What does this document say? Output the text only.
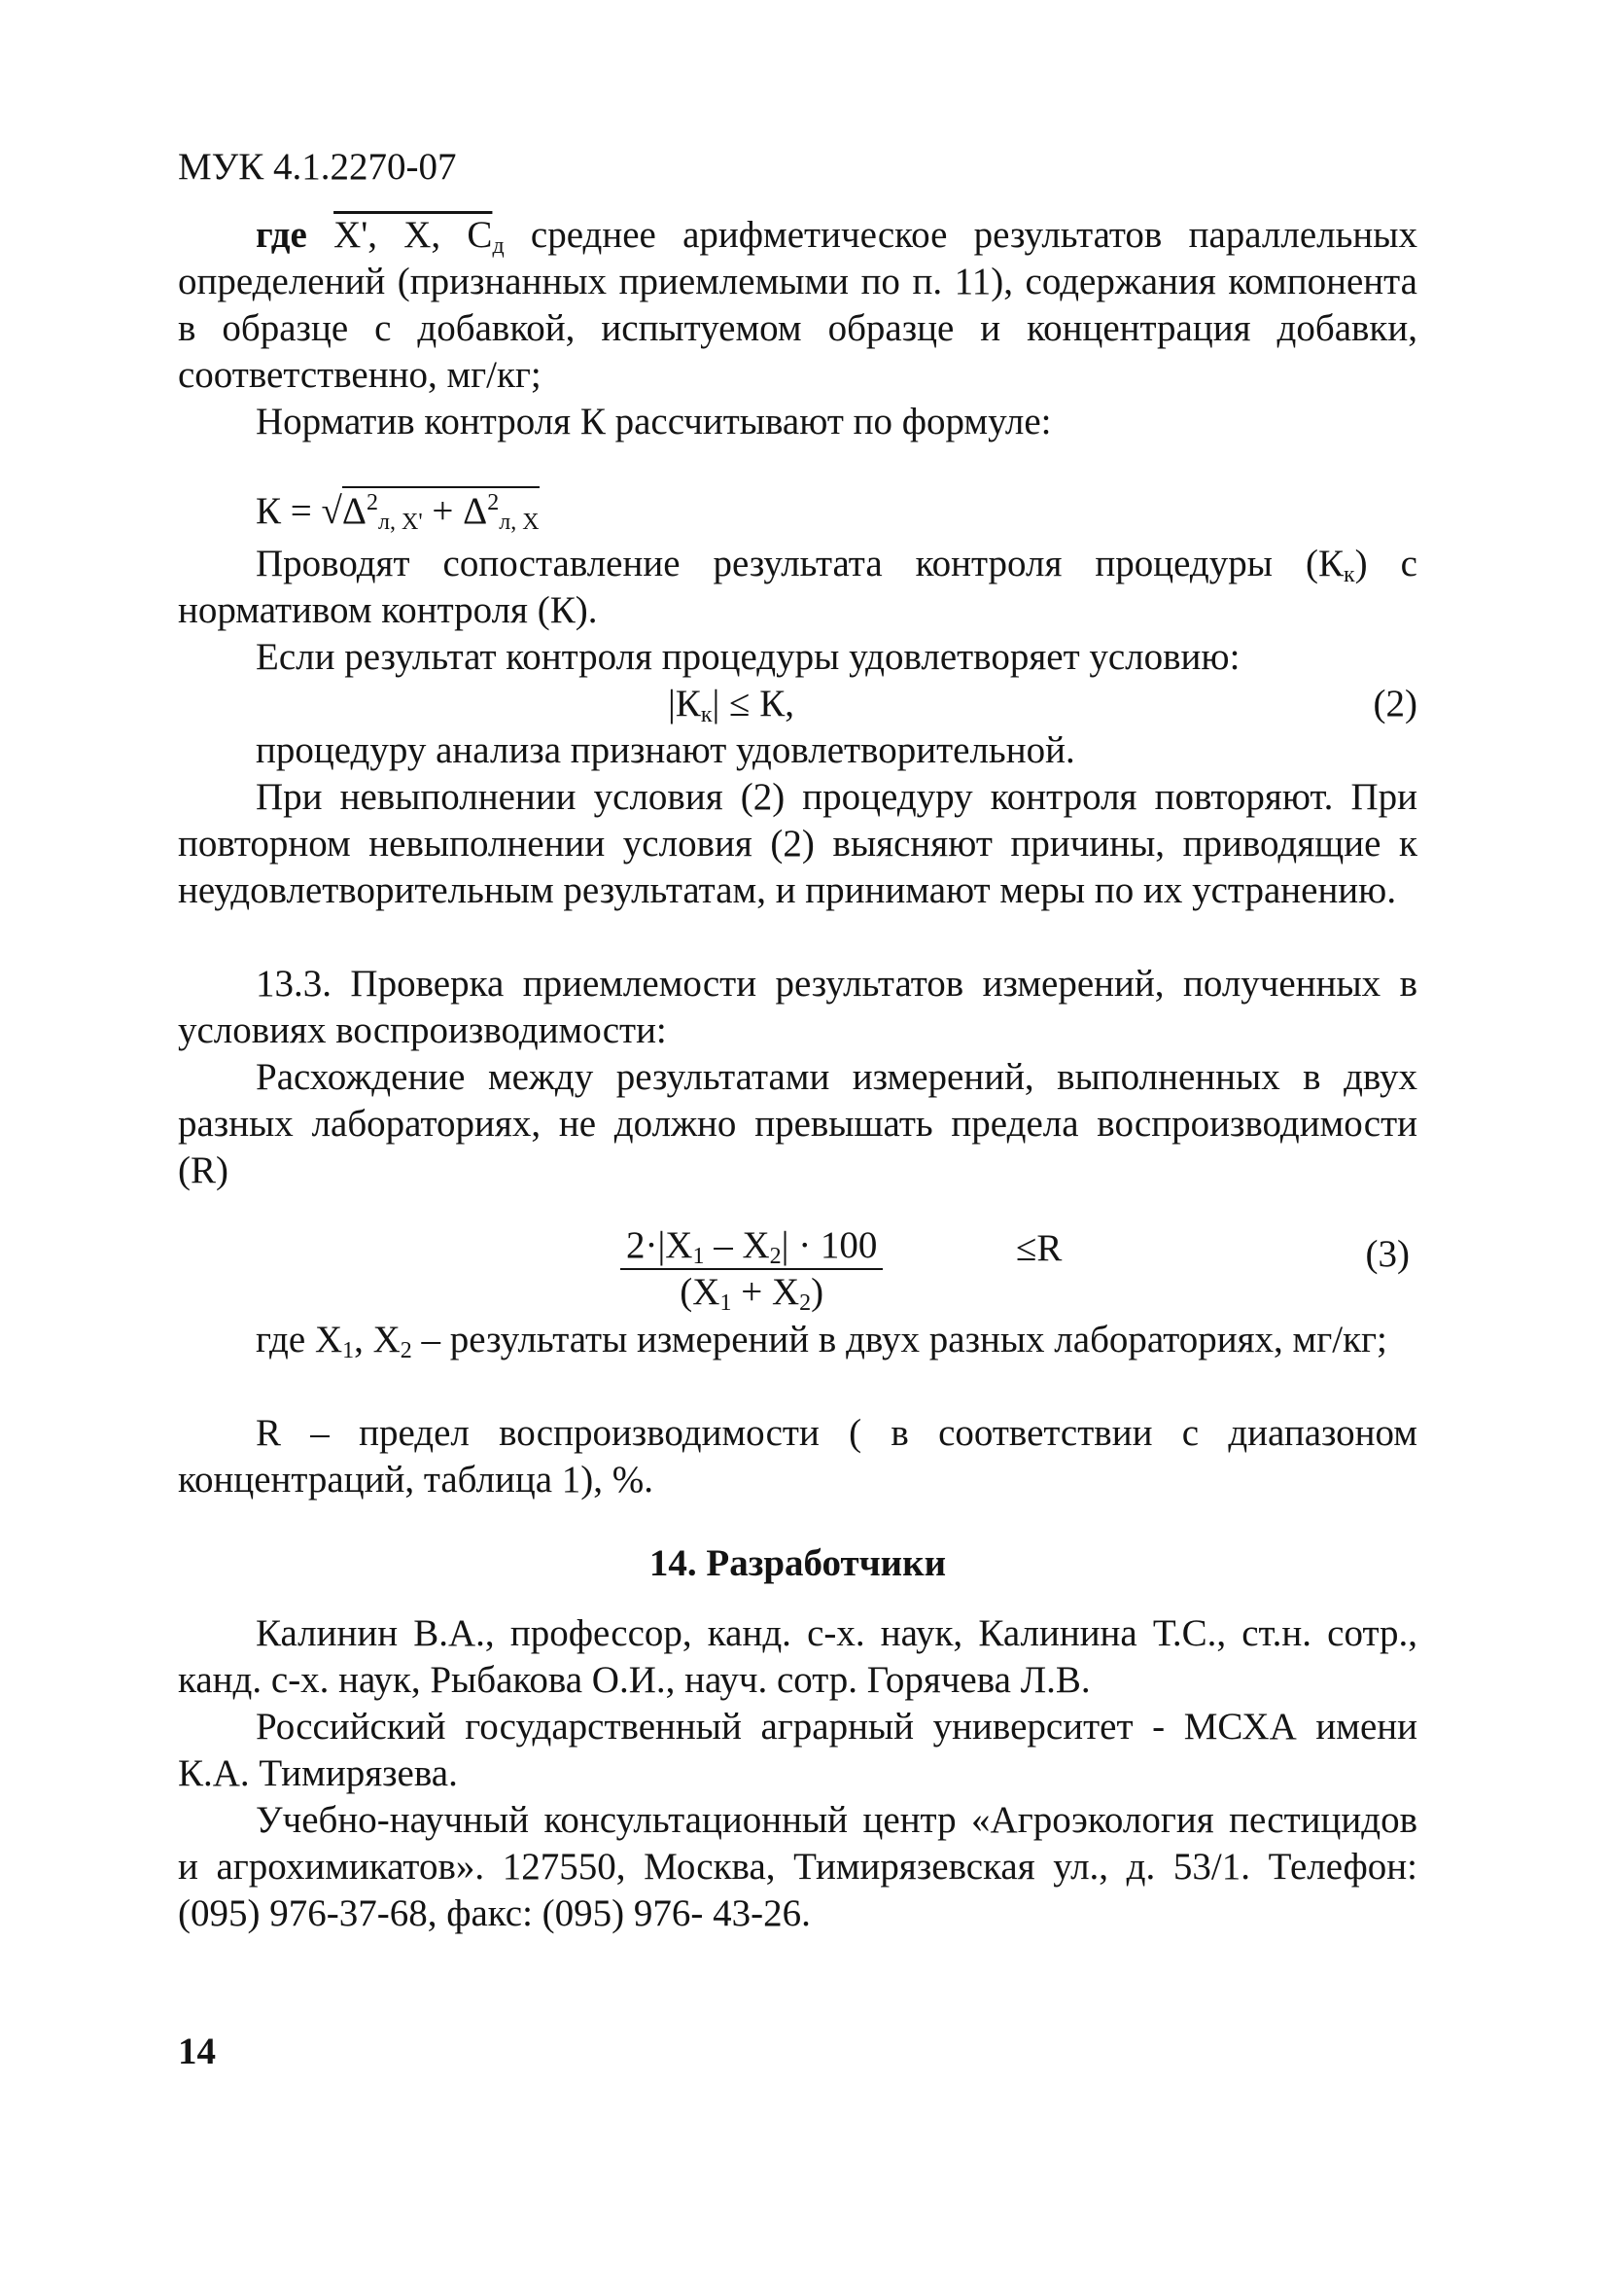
МУК 4.1.2270-07

где X', X, $C_д$ среднее арифметическое результатов параллельных определений (признанных приемлемыми по п. 11), содержания компонента в образце с добавкой, испытуемом образце и концентрация добавки, соответственно, мг/кг;

Норматив контроля К рассчитывают по формуле:

$К = √\Delta^2_{л, X'} + \Delta^2_{л, X}$

Проводят сопоставление результата контроля процедуры $(К_к)$ с нормативом контроля (К).

Если результат контроля процедуры удовлетворяет условию:

$|К_к| \le К$,	(2)

процедуру анализа признают удовлетворительной.

При невыполнении условия (2) процедуру контроля повторяют. При повторном невыполнении условия (2) выясняют причины, приводящие к неудовлетворительным результатам, и принимают меры по их устранению.

13.3. Проверка приемлемости результатов измерений, полученных в условиях воспроизводимости:

Расхождение между результатами измерений, выполненных в двух разных лабораториях, не должно превышать предела воспроизводимости (R)

$\frac{2\cdot|X_1 - X_2| \cdot 100}{(X_1 + X_2)}$	≤R	(3)

где $X_1$, $X_2$ – результаты измерений в двух разных лабораториях, мг/кг;

R – предел воспроизводимости ( в соответствии с диапазоном концентраций, таблица 1), %.

14. Разработчики

Калинин В.А., профессор, канд. с-х. наук, Калинина Т.С., ст.н. сотр., канд. с-х. наук, Рыбакова О.И., науч. сотр. Горячева Л.В.

Российский государственный аграрный университет - МСХА имени К.А. Тимирязева.

Учебно-научный консультационный центр «Агроэкология пестицидов и агрохимикатов». 127550, Москва, Тимирязевская ул., д. 53/1. Телефон: (095) 976-37-68, факс: (095) 976- 43-26.

14
